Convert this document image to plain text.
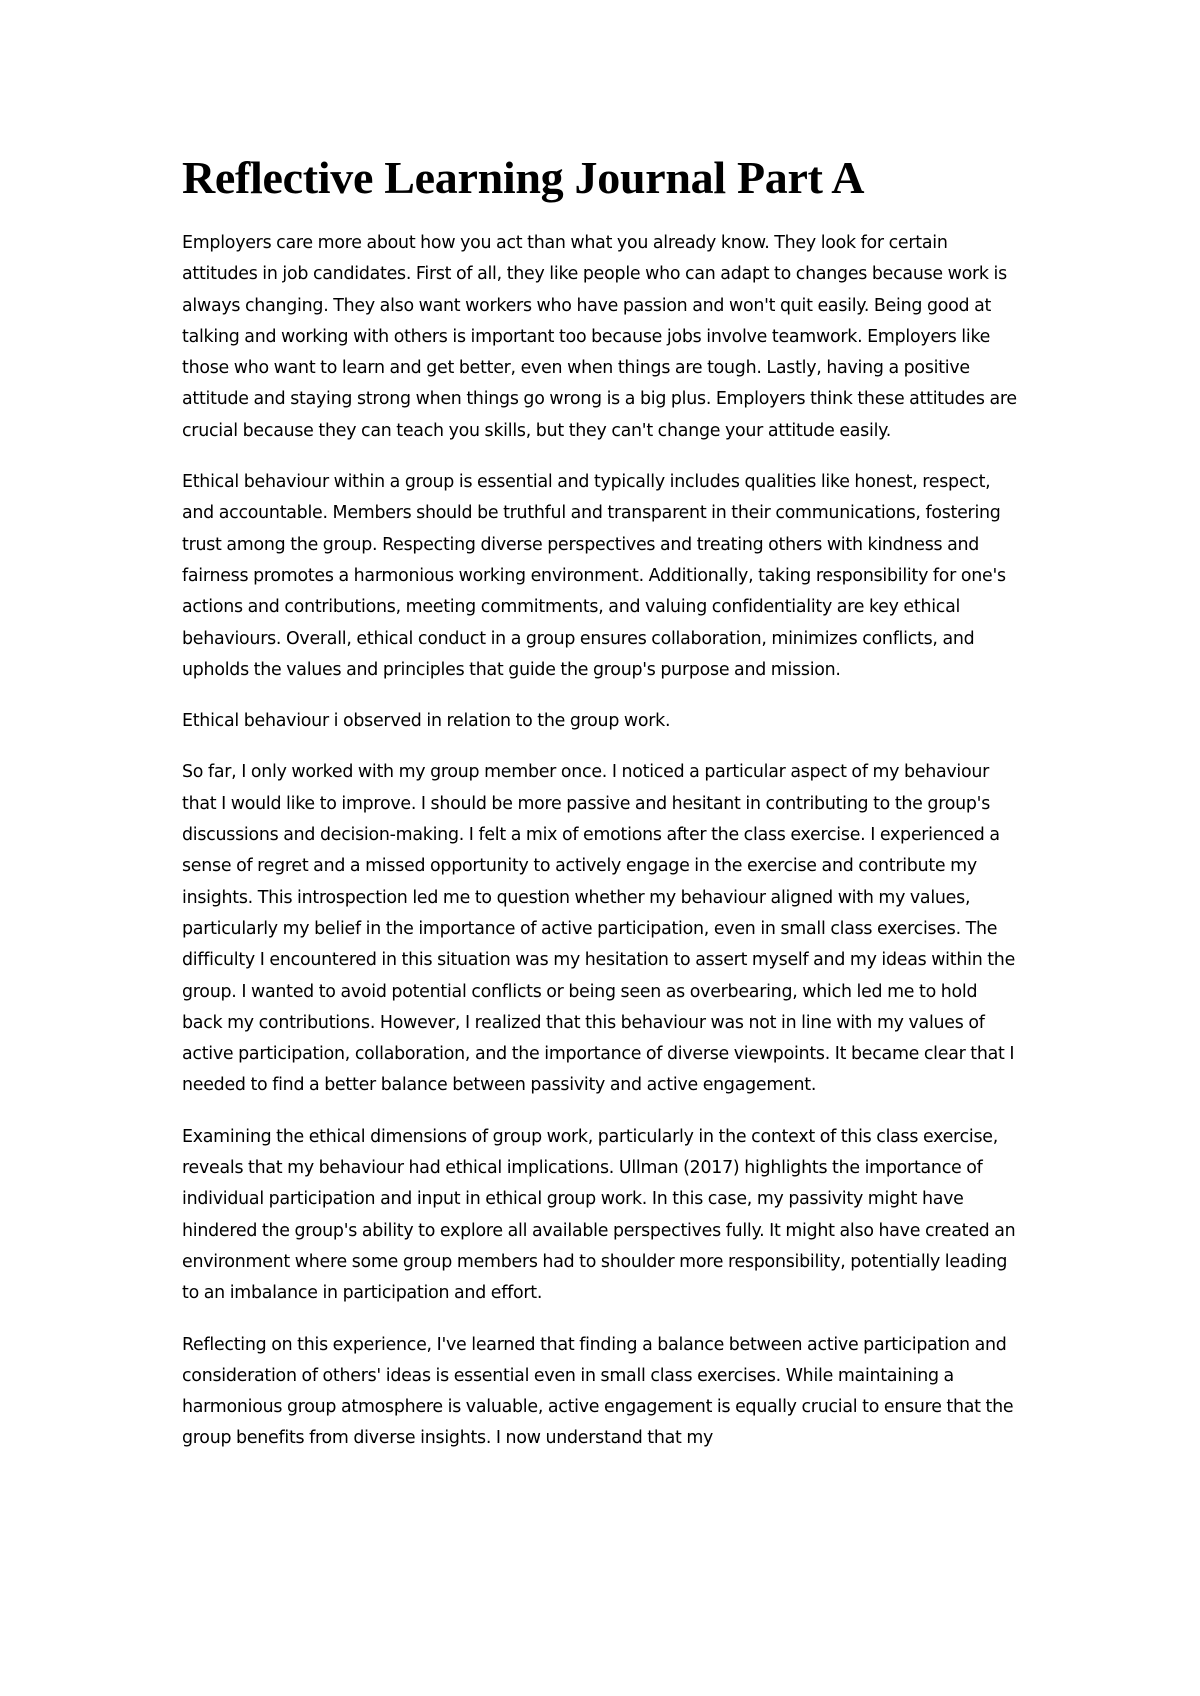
Reflective Learning Journal Part A

Employers care more about how you act than what you already know. They look for certain attitudes in job candidates. First of all, they like people who can adapt to changes because work is always changing. They also want workers who have passion and won't quit easily. Being good at talking and working with others is important too because jobs involve teamwork. Employers like those who want to learn and get better, even when things are tough. Lastly, having a positive attitude and staying strong when things go wrong is a big plus. Employers think these attitudes are crucial because they can teach you skills, but they can't change your attitude easily.

Ethical behaviour within a group is essential and typically includes qualities like honest, respect, and accountable. Members should be truthful and transparent in their communications, fostering trust among the group. Respecting diverse perspectives and treating others with kindness and fairness promotes a harmonious working environment. Additionally, taking responsibility for one's actions and contributions, meeting commitments, and valuing confidentiality are key ethical behaviours. Overall, ethical conduct in a group ensures collaboration, minimizes conflicts, and upholds the values and principles that guide the group's purpose and mission.

Ethical behaviour i observed in relation to the group work.

So far, I only worked with my group member once. I noticed a particular aspect of my behaviour that I would like to improve. I should be more passive and hesitant in contributing to the group's discussions and decision-making. I felt a mix of emotions after the class exercise. I experienced a sense of regret and a missed opportunity to actively engage in the exercise and contribute my insights. This introspection led me to question whether my behaviour aligned with my values, particularly my belief in the importance of active participation, even in small class exercises. The difficulty I encountered in this situation was my hesitation to assert myself and my ideas within the group. I wanted to avoid potential conflicts or being seen as overbearing, which led me to hold back my contributions. However, I realized that this behaviour was not in line with my values of active participation, collaboration, and the importance of diverse viewpoints. It became clear that I needed to find a better balance between passivity and active engagement.

Examining the ethical dimensions of group work, particularly in the context of this class exercise, reveals that my behaviour had ethical implications. Ullman (2017) highlights the importance of individual participation and input in ethical group work. In this case, my passivity might have hindered the group's ability to explore all available perspectives fully. It might also have created an environment where some group members had to shoulder more responsibility, potentially leading to an imbalance in participation and effort.

Reflecting on this experience, I've learned that finding a balance between active participation and consideration of others' ideas is essential even in small class exercises. While maintaining a harmonious group atmosphere is valuable, active engagement is equally crucial to ensure that the group benefits from diverse insights. I now understand that my
